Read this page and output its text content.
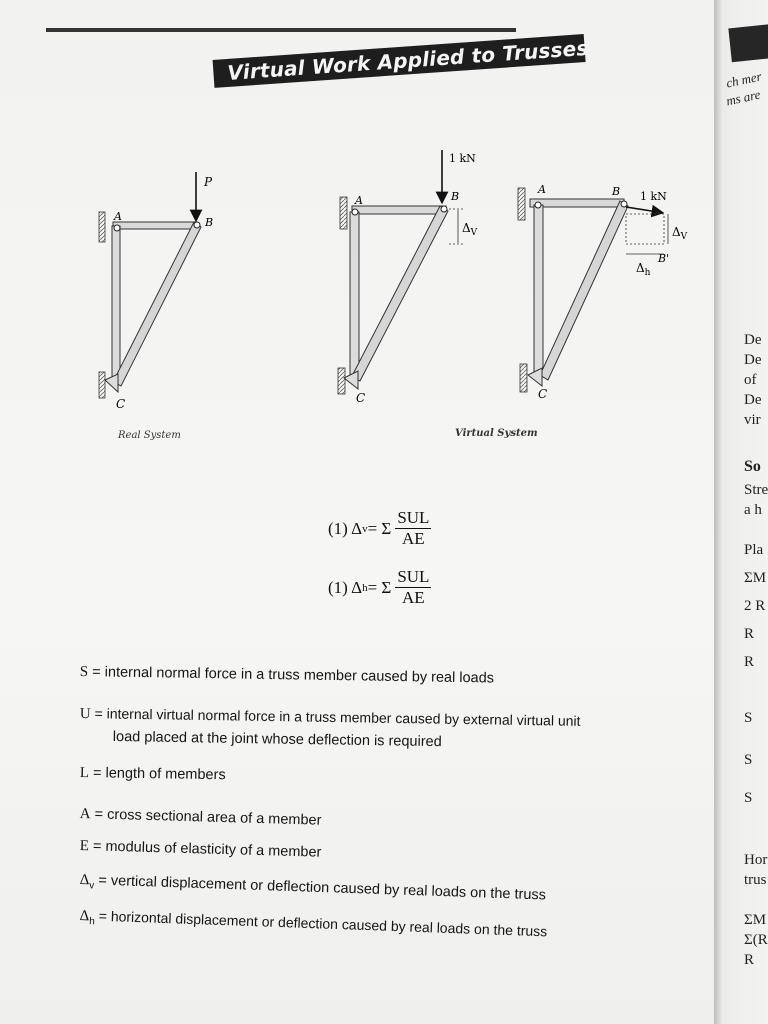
Virtual Work Applied to Trusses
P
A	B
C
1 kN
$\Delta_V$
A	B
C
1 kN
$\Delta_V$
$\Delta_h$
B'
A	B
C
Real System	Virtual System
(1) Δ v = Σ $\frac{\text{SUL}}{AE}$
(1) Δ h = Σ $\frac{\text{SUL}}{AE}$
S = internal normal force in a truss member caused by real loads
U = internal virtual normal force in a truss member caused by external virtual unit
load placed at the joint whose deflection is required
L = length of members
A = cross sectional area of a member
E = modulus of elasticity of a member
$\Delta_v$ = vertical displacement or deflection caused by real loads on the truss
$\Delta_h$ = horizontal displacement or deflection caused by real loads on the truss
ch mer
ms are
De
De
of
De
vir
So
Stre
a h
Pla
ΣM
2 R
R
R
S
S
S
Hor
trus
ΣM
Σ(R
R
